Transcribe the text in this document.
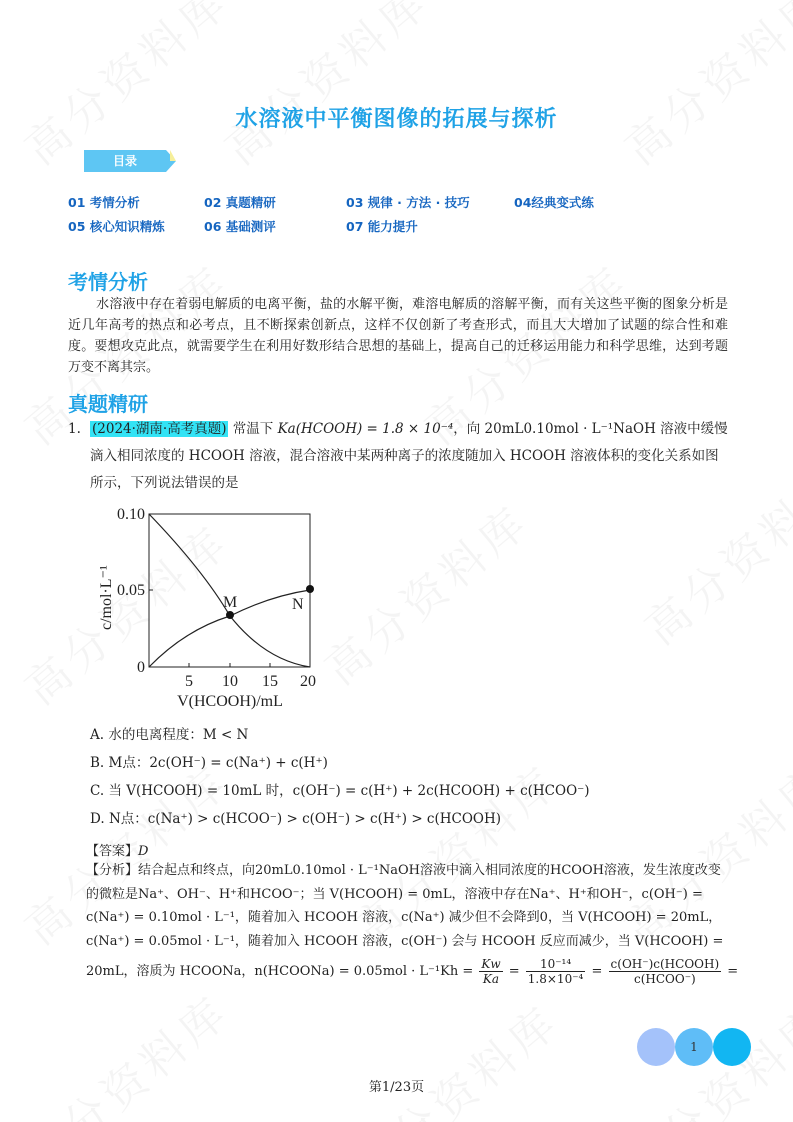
水溶液中平衡图像的拓展与探析
目录
01 考情分析	02 真题精研	03 规律 · 方法 · 技巧	04经典变式练
05 核心知识精炼	06 基础测评	07 能力提升
考情分析
水溶液中存在着弱电解质的电离平衡，盐的水解平衡，难溶电解质的溶解平衡，而有关这些平衡的图象分析是近几年高考的热点和必考点，且不断探索创新点，这样不仅创新了考查形式，而且大大增加了试题的综合性和难度。要想攻克此点，就需要学生在利用好数形结合思想的基础上，提高自己的迁移运用能力和科学思维，达到考题万变不离其宗。
真题精研
1. (2024·湖南·高考真题) 常温下 Ka(HCOOH) = 1.8 × 10⁻⁴，向 20mL0.10mol · L⁻¹NaOH 溶液中缓慢滴入相同浓度的 HCOOH 溶液，混合溶液中某两种离子的浓度随加入 HCOOH 溶液体积的变化关系如图所示，下列说法错误的是
M	N
0.10
0.05
0
5 10 15 20
V(HCOOH)/mL
c/mol·L⁻¹
A. 水的电离程度：M < N
B. M点：2c(OH⁻) = c(Na⁺) + c(H⁺)
C. 当 V(HCOOH) = 10mL 时，c(OH⁻) = c(H⁺) + 2c(HCOOH) + c(HCOO⁻)
D. N点：c(Na⁺) > c(HCOO⁻) > c(OH⁻) > c(H⁺) > c(HCOOH)
【答案】D
【分析】结合起点和终点，向20mL0.10mol · L⁻¹NaOH溶液中滴入相同浓度的HCOOH溶液，发生浓度改变
的微粒是Na⁺、OH⁻、H⁺和HCOO⁻；当 V(HCOOH) = 0mL，溶液中存在Na⁺、H⁺和OH⁻，c(OH⁻) =
c(Na⁺) = 0.10mol · L⁻¹，随着加入 HCOOH 溶液，c(Na⁺) 减少但不会降到0，当 V(HCOOH) = 20mL，
c(Na⁺) = 0.05mol · L⁻¹，随着加入 HCOOH 溶液，c(OH⁻) 会与 HCOOH 反应而减少，当 V(HCOOH) =
20mL，溶质为 HCOONa，n(HCOONa) = $0.05mol \cdot L^{-1}Kh = \frac{Kw}{Ka} = \frac{\text{10⁻¹⁴}}{\text{1.8×10⁻⁴}} = \frac{\text{c(OH⁻)c(HCOOH)}}{\text{c(HCOO⁻)}}$ =
1
第1/23页
